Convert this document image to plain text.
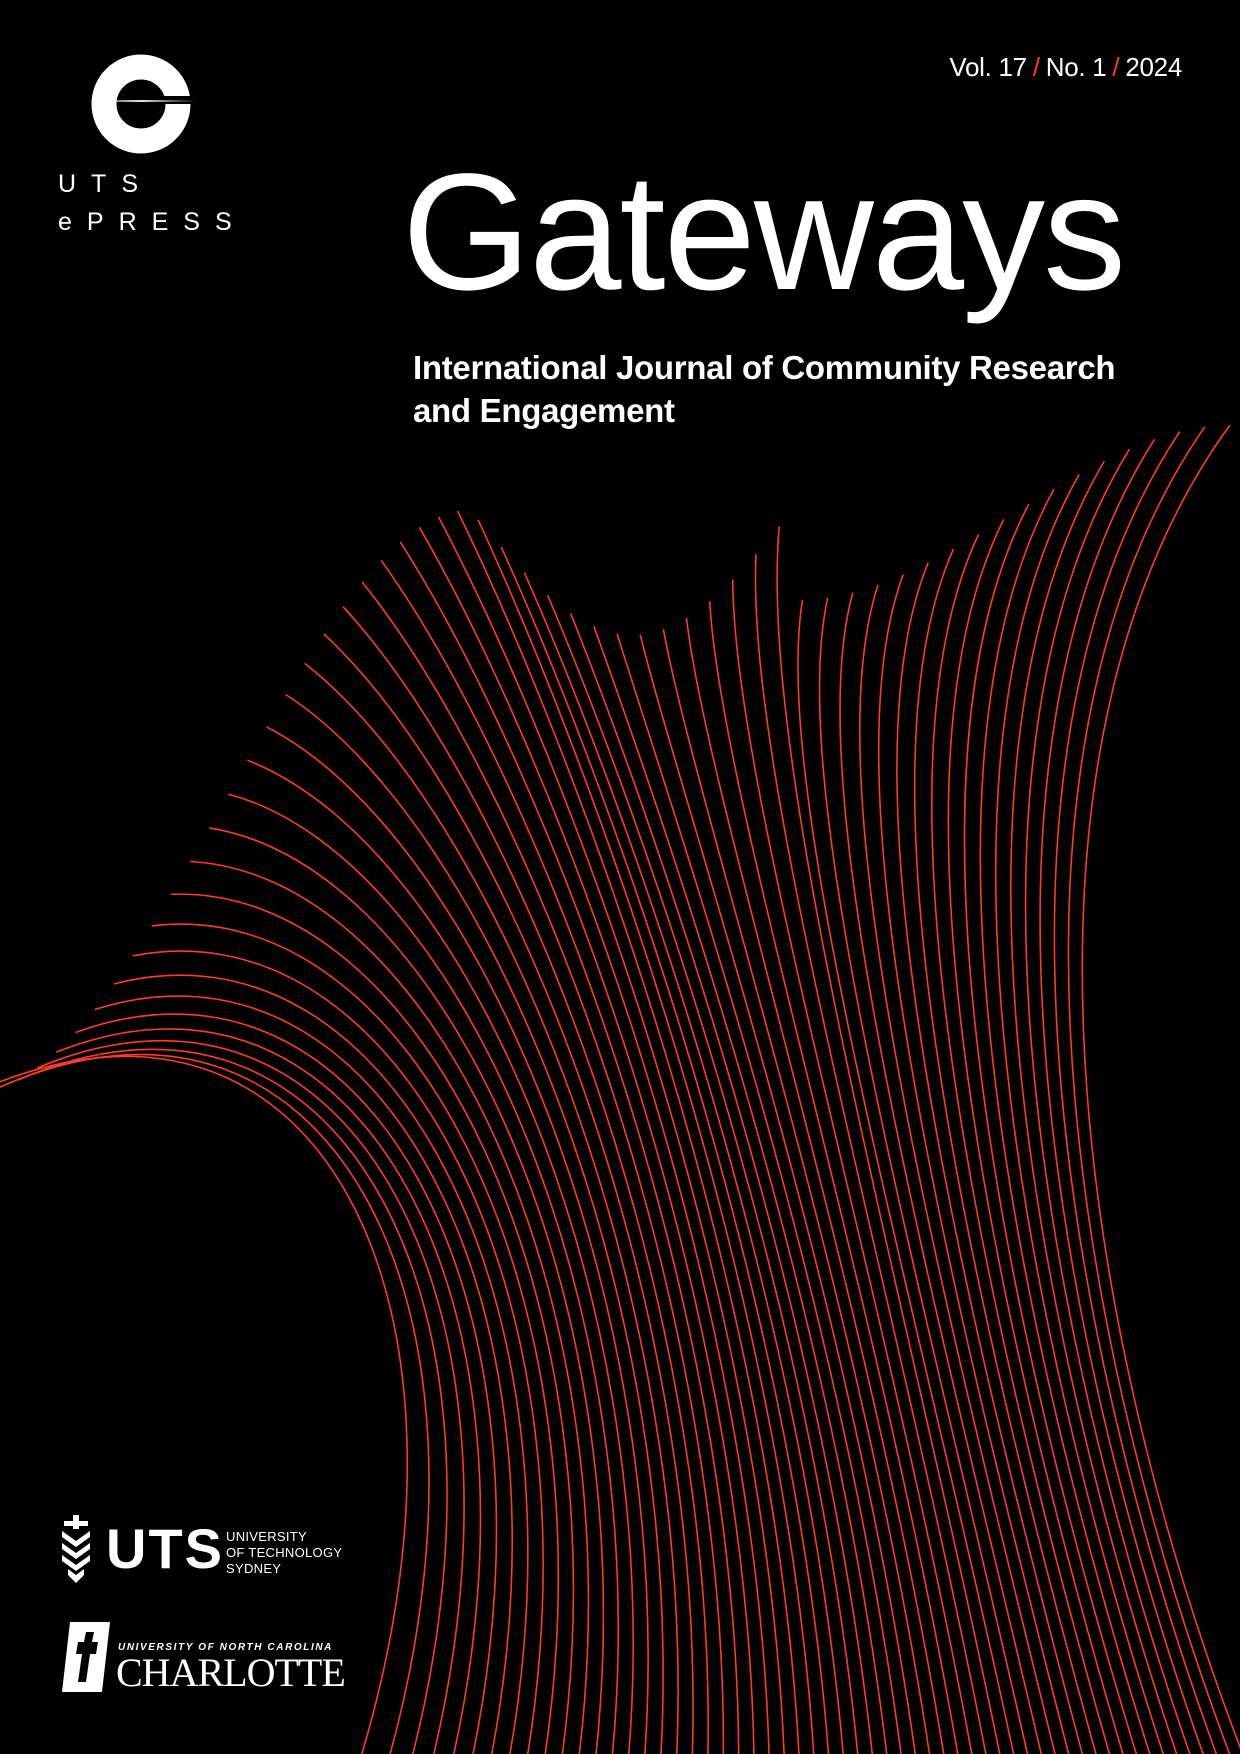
UTS
ePRESS
Vol. 17 / No. 1 / 2024
Gateways
International Journal of Community Research and Engagement
UTS UNIVERSITY
OF TECHNOLOGY
SYDNEY
UNIVERSITY OF NORTH CAROLINA
CHARLOTTE
